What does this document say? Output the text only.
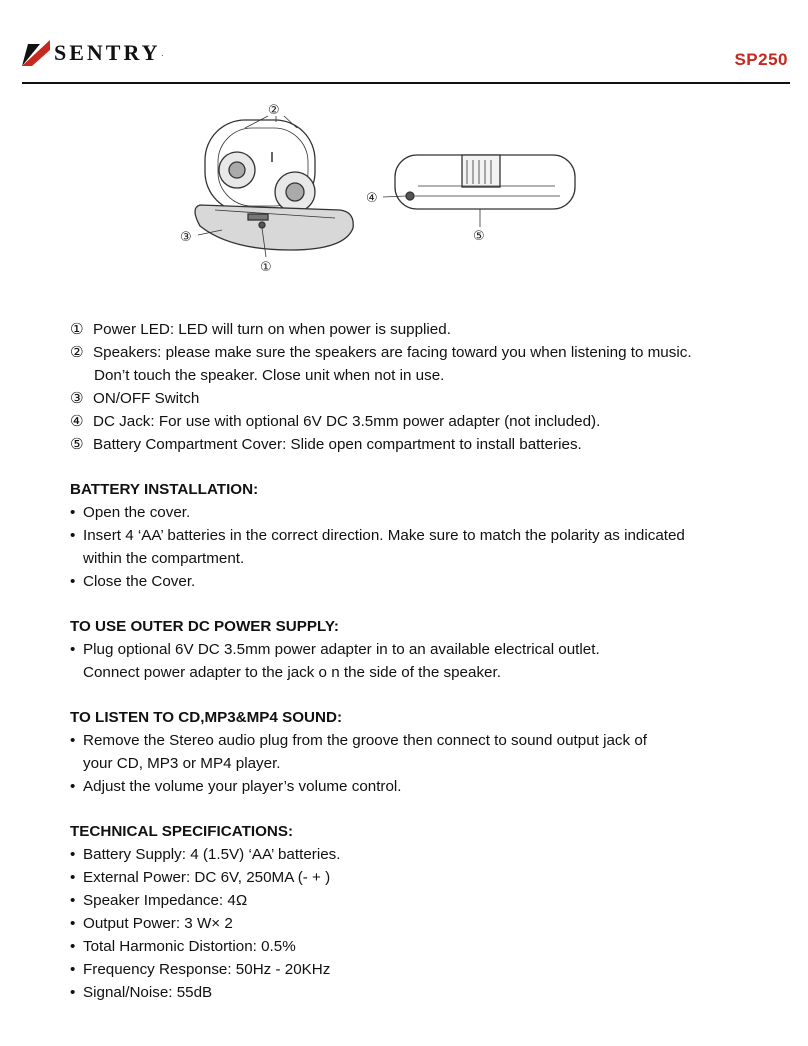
SENTRY .	SP250
②
④
③	⑤
①
① Power LED: LED will turn on when power is supplied.
② Speakers: please make sure the speakers are facing toward you when listening to music.
Don’t touch the speaker. Close unit when not in use.
③ ON/OFF Switch
④ DC Jack: For use with optional 6V DC 3.5mm power adapter (not included).
⑤ Battery Compartment Cover: Slide open compartment to install batteries.
BATTERY INSTALLATION:
• Open the cover.
• Insert 4 ‘AA’ batteries in the correct direction. Make sure to match the polarity as indicated
within the compartment.
• Close the Cover.
TO USE OUTER DC POWER SUPPLY:
• Plug optional 6V DC 3.5mm power adapter in to an available electrical outlet.
Connect power adapter to the jack o n the side of the speaker.
TO LISTEN TO CD,MP3&MP4 SOUND:
• Remove the Stereo audio plug from the groove then connect to sound output jack of
your CD, MP3 or MP4 player.
• Adjust the volume your player’s volume control.
TECHNICAL SPECIFICATIONS:
• Battery Supply: 4 (1.5V) ‘AA’ batteries.
• External Power: DC 6V, 250MA (- + )
• Speaker Impedance: 4Ω
• Output Power: 3 W× 2
• Total Harmonic Distortion: 0.5%
• Frequency Response: 50Hz - 20KHz
• Signal/Noise: 55dB
